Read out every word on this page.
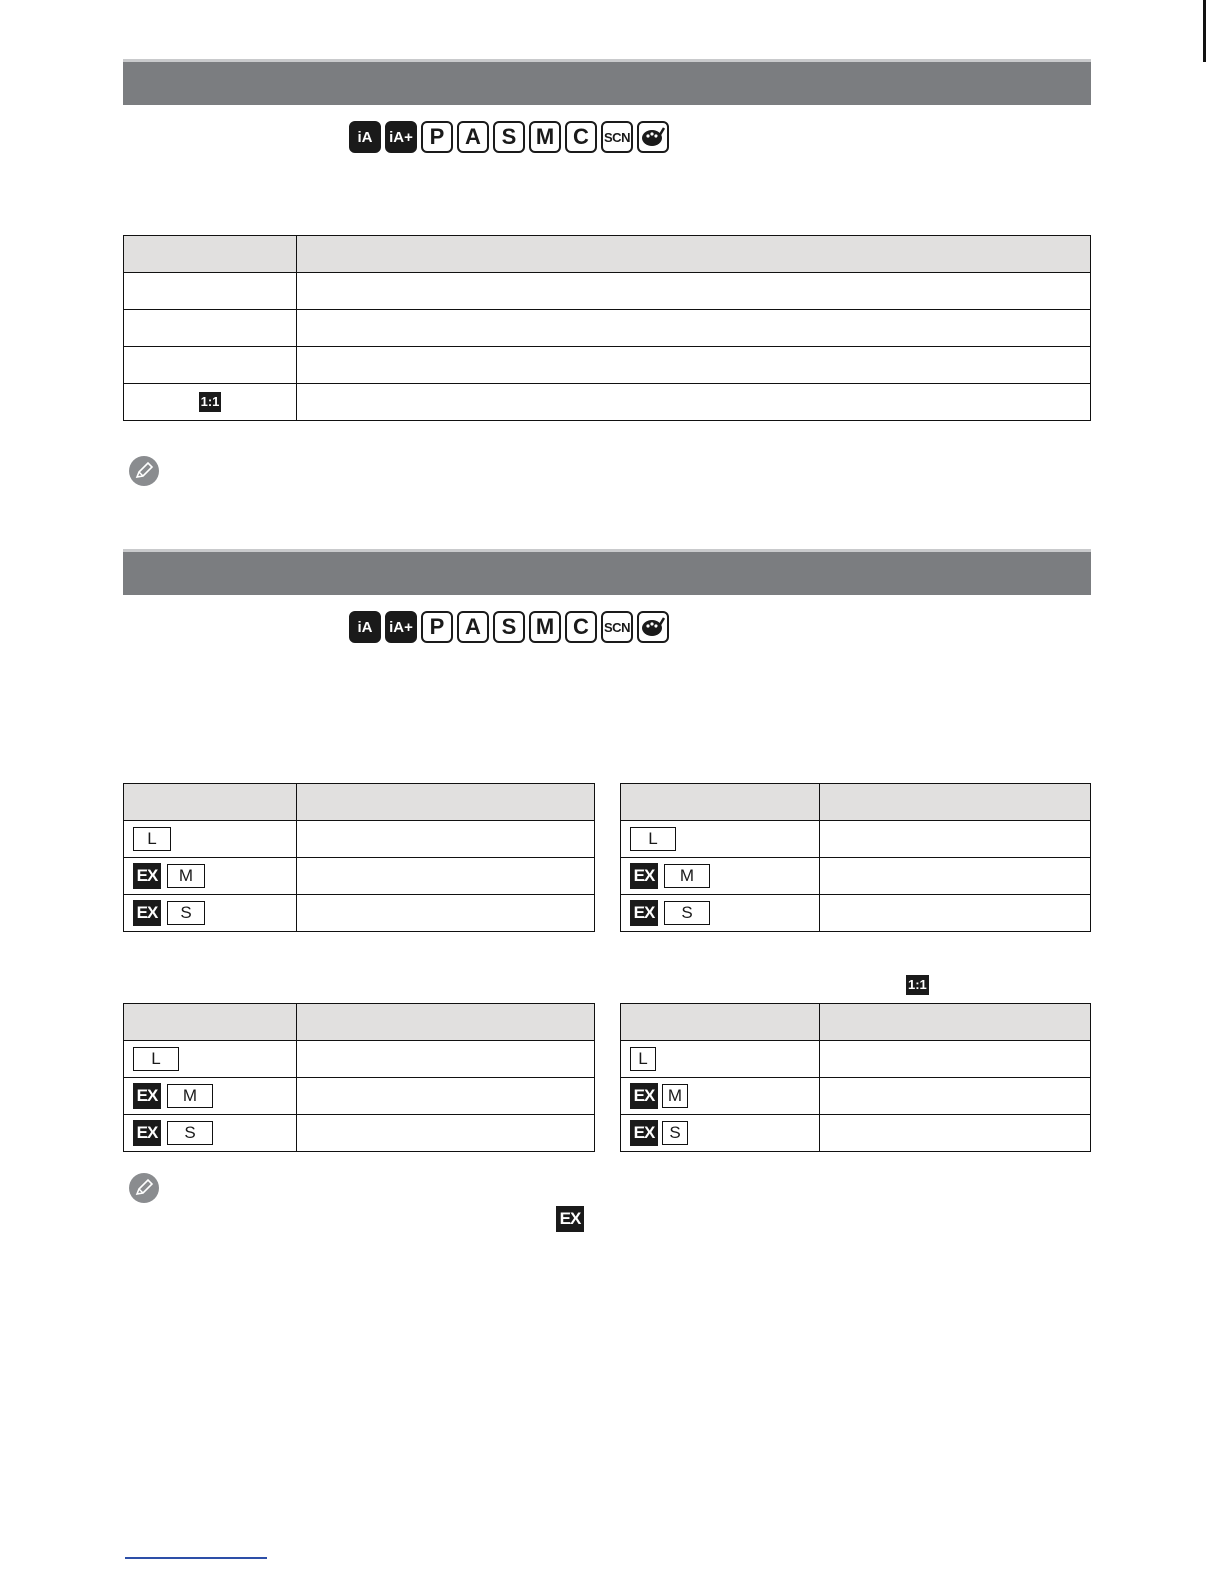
iA iA+ P A S M C SCN

1:1	
iA iA+ P A S M C SCN

L	

EX M	

EX S	

L	

EX M	

EX S	

1:1

L	

EX M	

EX S	

L	

EX M	

EX S	

EX
